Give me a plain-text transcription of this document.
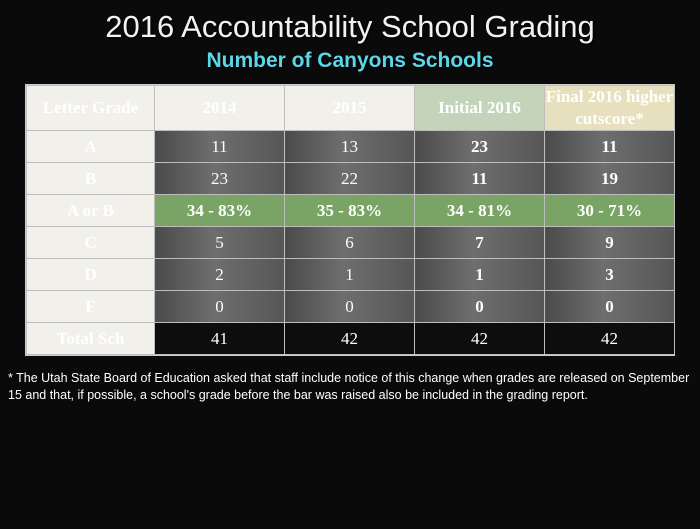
2016 Accountability School Grading
Number of Canyons Schools
Letter Grade	2014	2015	Initial 2016	Final 2016 higher cutscore*
A	11	13	23	11
B	23	22	11	19
A or B	34 - 83%	35 - 83%	34 - 81%	30 - 71%
C	5	6	7	9
D	2	1	1	3
F	0	0	0	0
Total Sch	41	42	42	42
* The Utah State Board of Education asked that staff include notice of this change when grades are released on September 15 and that, if possible, a school's grade before the bar was raised also be included in the grading report.
